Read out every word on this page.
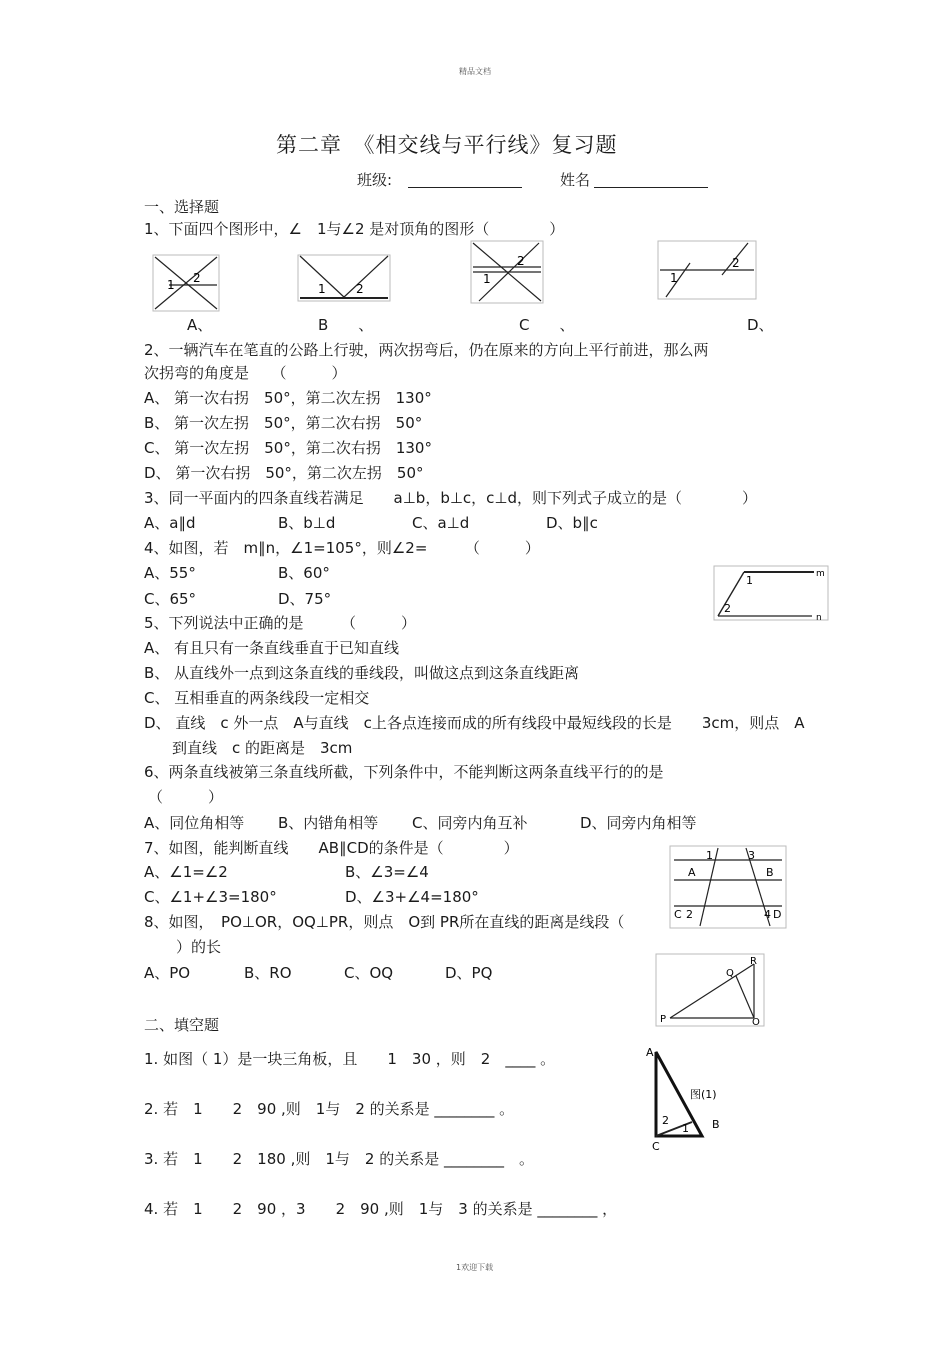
精品文档
第二章　《相交线与平行线》复习题
班级:	姓名
一、选择题
1、下面四个图形中，∠　1与∠2 是对顶角的图形（　　　　）
1 2
1	2
1
2
1
2
A、	B　　、	C　　、	D、
2、一辆汽车在笔直的公路上行驶，两次拐弯后，仍在原来的方向上平行前进，那么两
次拐弯的角度是　　（　　　）
A、 第一次右拐　50°，第二次左拐　130°
B、 第一次左拐　50°，第二次右拐　50°
C、 第一次左拐　50°，第二次右拐　130°
D、 第一次右拐　50°，第二次左拐　50°
3、同一平面内的四条直线若满足　　a⊥b，b⊥c，c⊥d，则下列式子成立的是（　　　　）
A、a∥d	B、b⊥d	C、a⊥d	D、b∥c
4、如图，若　m∥n，∠1=105°，则∠2=　　　（　　　）
A、55°	B、60°
C、65°	D、75°
1
2
m
n
5、下列说法中正确的是　　　（　　　）
A、 有且只有一条直线垂直于已知直线
B、 从直线外一点到这条直线的垂线段，叫做这点到这条直线距离
C、 互相垂直的两条线段一定相交
D、 直线　c 外一点　A与直线　c上各点连接而成的所有线段中最短线段的长是　　3cm，则点　A
到直线　c 的距离是　3cm
6、两条直线被第三条直线所截，下列条件中，不能判断这两条直线平行的的是
（　　　）
A、同位角相等 B、内错角相等 C、同旁内角互补	D、同旁内角相等
7、如图，能判断直线　　AB∥CD的条件是（　　　　）
A、∠1=∠2	B、∠3=∠4
C、∠1+∠3=180°	D、∠3+∠4=180°
1	3
A	B
C 2	4 D
8、如图，　PO⊥OR，OQ⊥PR，则点　O到 PR所在直线的距离是线段（
）的长
A、PO	B、RO	C、OQ	D、PQ
P
Q
R
O
二、填空题
1. 如图（ 1）是一块三角板，且　　1　30 ，则　2　____ 。
2. 若　1　　2　90 ,则　1与　2 的关系是 ________ 。
3. 若　1　　2　180 ,则　1与　2 的关系是 ________　。
4. 若　1　　2　90 ，3　　2　90 ,则　1与　3 的关系是 ________ ，
A
B
C
2
1
图(1)
1欢迎下载
